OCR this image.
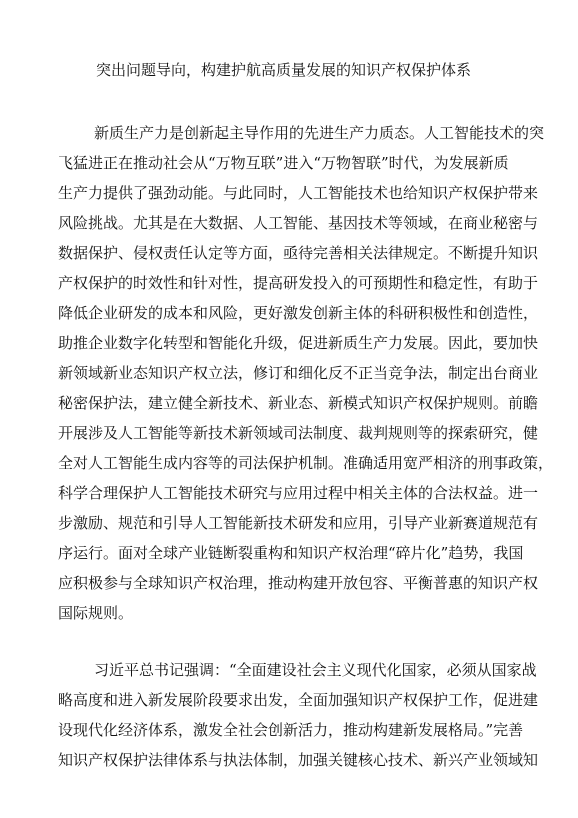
突出问题导向，构建护航高质量发展的知识产权保护体系
新质生产力是创新起主导作用的先进生产力质态。人工智能技术的突
飞猛进正在推动社会从“万物互联”进入“万物智联”时代，为发展新质
生产力提供了强劲动能。与此同时，人工智能技术也给知识产权保护带来
风险挑战。尤其是在大数据、人工智能、基因技术等领域，在商业秘密与
数据保护、侵权责任认定等方面，亟待完善相关法律规定。不断提升知识
产权保护的时效性和针对性，提高研发投入的可预期性和稳定性，有助于
降低企业研发的成本和风险，更好激发创新主体的科研积极性和创造性，
助推企业数字化转型和智能化升级，促进新质生产力发展。因此，要加快
新领域新业态知识产权立法，修订和细化反不正当竞争法，制定出台商业
秘密保护法，建立健全新技术、新业态、新模式知识产权保护规则。前瞻
开展涉及人工智能等新技术新领域司法制度、裁判规则等的探索研究，健
全对人工智能生成内容等的司法保护机制。准确适用宽严相济的刑事政策，
科学合理保护人工智能技术研究与应用过程中相关主体的合法权益。进一
步激励、规范和引导人工智能新技术研发和应用，引导产业新赛道规范有
序运行。面对全球产业链断裂重构和知识产权治理“碎片化”趋势，我国
应积极参与全球知识产权治理，推动构建开放包容、平衡普惠的知识产权
国际规则。
习近平总书记强调：“全面建设社会主义现代化国家，必须从国家战
略高度和进入新发展阶段要求出发，全面加强知识产权保护工作，促进建
设现代化经济体系，激发全社会创新活力，推动构建新发展格局。”完善
知识产权保护法律体系与执法体制，加强关键核心技术、新兴产业领域知
